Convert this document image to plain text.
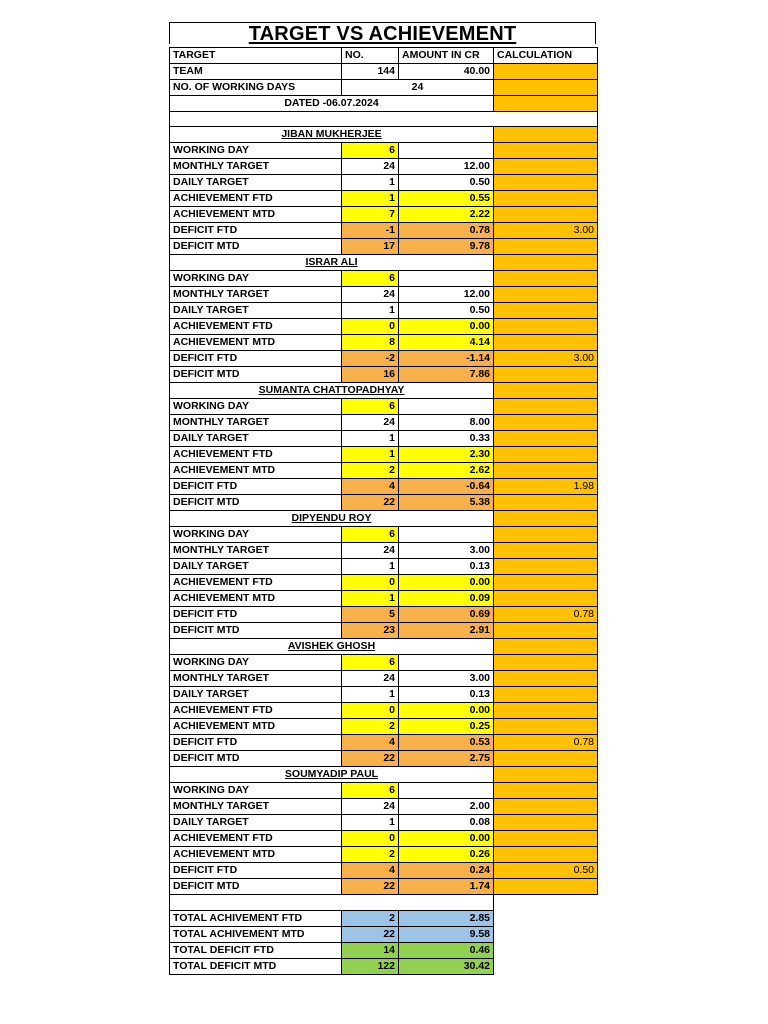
TARGET VS ACHIEVEMENT
TARGET	NO.	AMOUNT IN CR	CALCULATION
TEAM	144	40.00	
NO. OF WORKING DAYS	24		
DATED -06.07.2024			

JIBAN MUKHERJEE			
WORKING DAY	6		
MONTHLY TARGET	24	12.00	
DAILY TARGET	1	0.50	
ACHIEVEMENT FTD	1	0.55	
ACHIEVEMENT MTD	7	2.22	
DEFICIT FTD	-1	0.78	3.00
DEFICIT MTD	17	9.78	
ISRAR ALI			
WORKING DAY	6		
MONTHLY TARGET	24	12.00	
DAILY TARGET	1	0.50	
ACHIEVEMENT FTD	0	0.00	
ACHIEVEMENT MTD	8	4.14	
DEFICIT FTD	-2	-1.14	3.00
DEFICIT MTD	16	7.86	
SUMANTA CHATTOPADHYAY			
WORKING DAY	6		
MONTHLY TARGET	24	8.00	
DAILY TARGET	1	0.33	
ACHIEVEMENT FTD	1	2.30	
ACHIEVEMENT MTD	2	2.62	
DEFICIT FTD	4	-0.64	1.98
DEFICIT MTD	22	5.38	
DIPYENDU ROY			
WORKING DAY	6		
MONTHLY TARGET	24	3.00	
DAILY TARGET	1	0.13	
ACHIEVEMENT FTD	0	0.00	
ACHIEVEMENT MTD	1	0.09	
DEFICIT FTD	5	0.69	0.78
DEFICIT MTD	23	2.91	
AVISHEK GHOSH			
WORKING DAY	6		
MONTHLY TARGET	24	3.00	
DAILY TARGET	1	0.13	
ACHIEVEMENT FTD	0	0.00	
ACHIEVEMENT MTD	2	0.25	
DEFICIT FTD	4	0.53	0.78
DEFICIT MTD	22	2.75	
SOUMYADIP PAUL			
WORKING DAY	6		
MONTHLY TARGET	24	2.00	
DAILY TARGET	1	0.08	
ACHIEVEMENT FTD	0	0.00	
ACHIEVEMENT MTD	2	0.26	
DEFICIT FTD	4	0.24	0.50
DEFICIT MTD	22	1.74	

TOTAL ACHIVEMENT FTD	2	2.85	
TOTAL ACHIVEMENT MTD	22	9.58	
TOTAL DEFICIT FTD	14	0.46	
TOTAL DEFICIT MTD	122	30.42	
